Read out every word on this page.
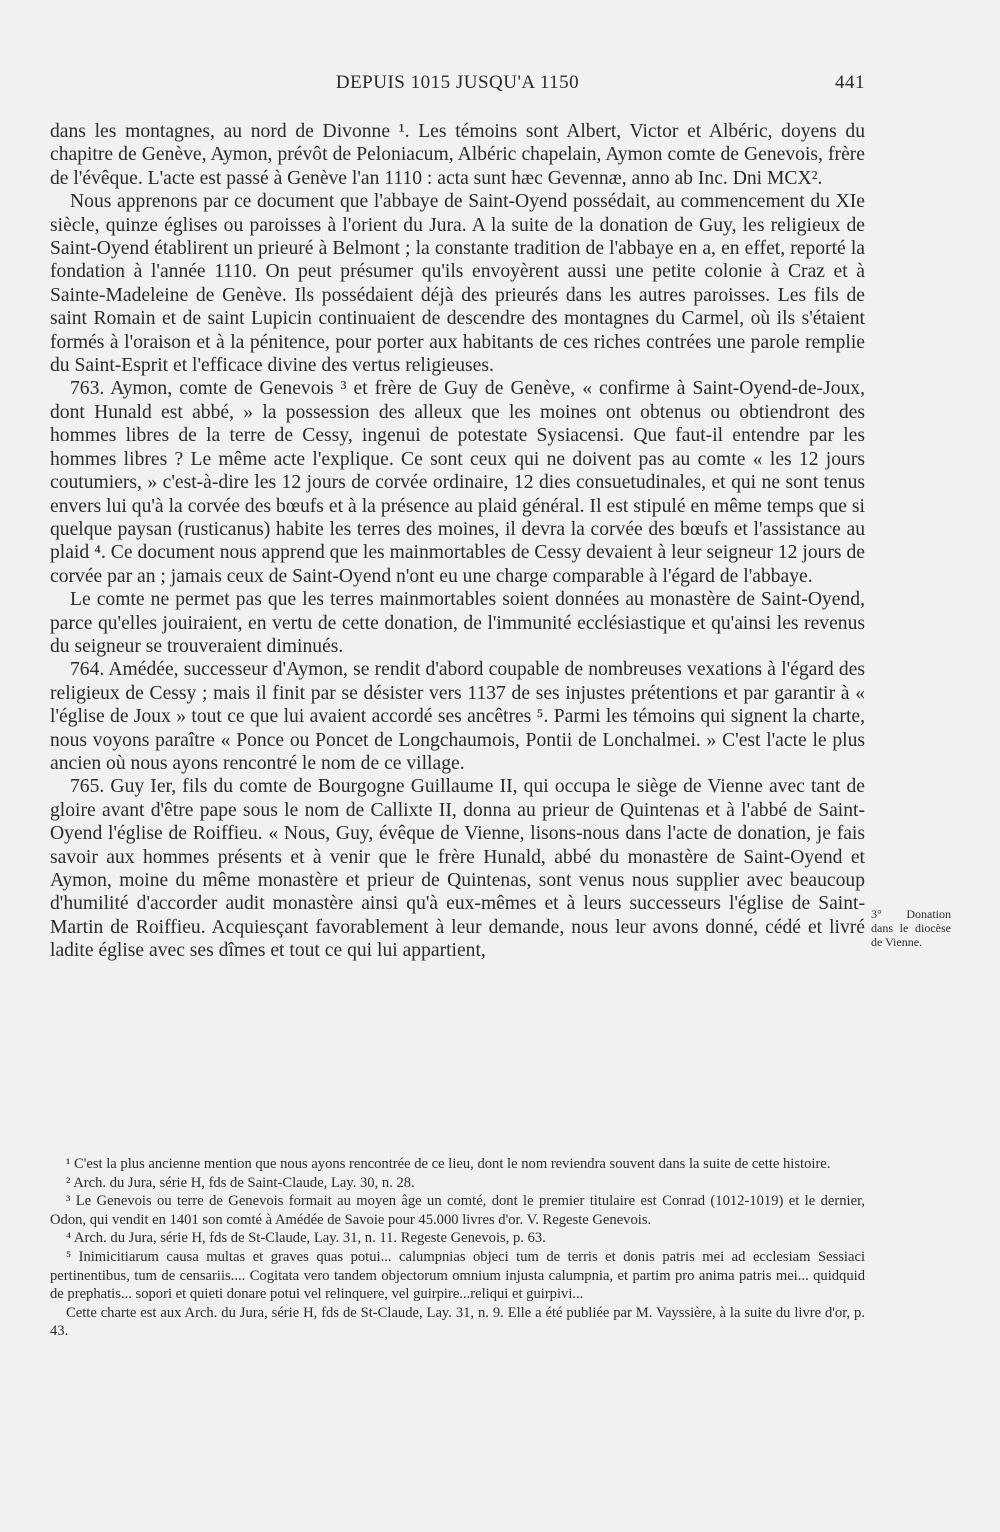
DEPUIS 1015 JUSQU'A 1150	441

dans les montagnes, au nord de Divonne ¹. Les témoins sont Albert, Victor et Albéric, doyens du chapitre de Genève, Aymon, prévôt de Peloniacum, Albéric chapelain, Aymon comte de Genevois, frère de l'évêque. L'acte est passé à Genève l'an 1110 : acta sunt hæc Gevennæ, anno ab Inc. Dni MCX².

Nous apprenons par ce document que l'abbaye de Saint-Oyend possédait, au commencement du XIe siècle, quinze églises ou paroisses à l'orient du Jura. A la suite de la donation de Guy, les religieux de Saint-Oyend établirent un prieuré à Belmont ; la constante tradition de l'abbaye en a, en effet, reporté la fondation à l'année 1110. On peut présumer qu'ils envoyèrent aussi une petite colonie à Craz et à Sainte-Madeleine de Genève. Ils possédaient déjà des prieurés dans les autres paroisses. Les fils de saint Romain et de saint Lupicin continuaient de descendre des montagnes du Carmel, où ils s'étaient formés à l'oraison et à la pénitence, pour porter aux habitants de ces riches contrées une parole remplie du Saint-Esprit et l'efficace divine des vertus religieuses.

763. Aymon, comte de Genevois ³ et frère de Guy de Genève, « confirme à Saint-Oyend-de-Joux, dont Hunald est abbé, » la possession des alleux que les moines ont obtenus ou obtiendront des hommes libres de la terre de Cessy, ingenui de potestate Sysiacensi. Que faut-il entendre par les hommes libres ? Le même acte l'explique. Ce sont ceux qui ne doivent pas au comte « les 12 jours coutumiers, » c'est-à-dire les 12 jours de corvée ordinaire, 12 dies consuetudinales, et qui ne sont tenus envers lui qu'à la corvée des bœufs et à la présence au plaid général. Il est stipulé en même temps que si quelque paysan (rusticanus) habite les terres des moines, il devra la corvée des bœufs et l'assistance au plaid ⁴. Ce document nous apprend que les mainmortables de Cessy devaient à leur seigneur 12 jours de corvée par an ; jamais ceux de Saint-Oyend n'ont eu une charge comparable à l'égard de l'abbaye.

Le comte ne permet pas que les terres mainmortables soient données au monastère de Saint-Oyend, parce qu'elles jouiraient, en vertu de cette donation, de l'immunité ecclésiastique et qu'ainsi les revenus du seigneur se trouveraient diminués.

764. Amédée, successeur d'Aymon, se rendit d'abord coupable de nombreuses vexations à l'égard des religieux de Cessy ; mais il finit par se désister vers 1137 de ses injustes prétentions et par garantir à « l'église de Joux » tout ce que lui avaient accordé ses ancêtres ⁵. Parmi les témoins qui signent la charte, nous voyons paraître « Ponce ou Poncet de Longchaumois, Pontii de Lonchalmei. » C'est l'acte le plus ancien où nous ayons rencontré le nom de ce village.

765. Guy Ier, fils du comte de Bourgogne Guillaume II, qui occupa le siège de Vienne avec tant de gloire avant d'être pape sous le nom de Callixte II, donna au prieur de Quintenas et à l'abbé de Saint-Oyend l'église de Roiffieu. « Nous, Guy, évêque de Vienne, lisons-nous dans l'acte de donation, je fais savoir aux hommes présents et à venir que le frère Hunald, abbé du monastère de Saint-Oyend et Aymon, moine du même monastère et prieur de Quintenas, sont venus nous supplier avec beaucoup d'humilité d'accorder audit monastère ainsi qu'à eux-mêmes et à leurs successeurs l'église de Saint-Martin de Roiffieu. Acquiesçant favorablement à leur demande, nous leur avons donné, cédé et livré ladite église avec ses dîmes et tout ce qui lui appartient,

3° Donation dans le diocèse de Vienne.

¹ C'est la plus ancienne mention que nous ayons rencontrée de ce lieu, dont le nom reviendra souvent dans la suite de cette histoire.

² Arch. du Jura, série H, fds de Saint-Claude, Lay. 30, n. 28.

³ Le Genevois ou terre de Genevois formait au moyen âge un comté, dont le premier titulaire est Conrad (1012-1019) et le dernier, Odon, qui vendit en 1401 son comté à Amédée de Savoie pour 45.000 livres d'or. V. Regeste Genevois.

⁴ Arch. du Jura, série H, fds de St-Claude, Lay. 31, n. 11. Regeste Genevois, p. 63.

⁵ Inimicitiarum causa multas et graves quas potui... calumpnias objeci tum de terris et donis patris mei ad ecclesiam Sessiaci pertinentibus, tum de censariis.... Cogitata vero tandem objectorum omnium injusta calumpnia, et partim pro anima patris mei... quidquid de prephatis... sopori et quieti donare potui vel relinquere, vel guirpire...reliqui et guirpivi...

Cette charte est aux Arch. du Jura, série H, fds de St-Claude, Lay. 31, n. 9. Elle a été publiée par M. Vayssière, à la suite du livre d'or, p. 43.
